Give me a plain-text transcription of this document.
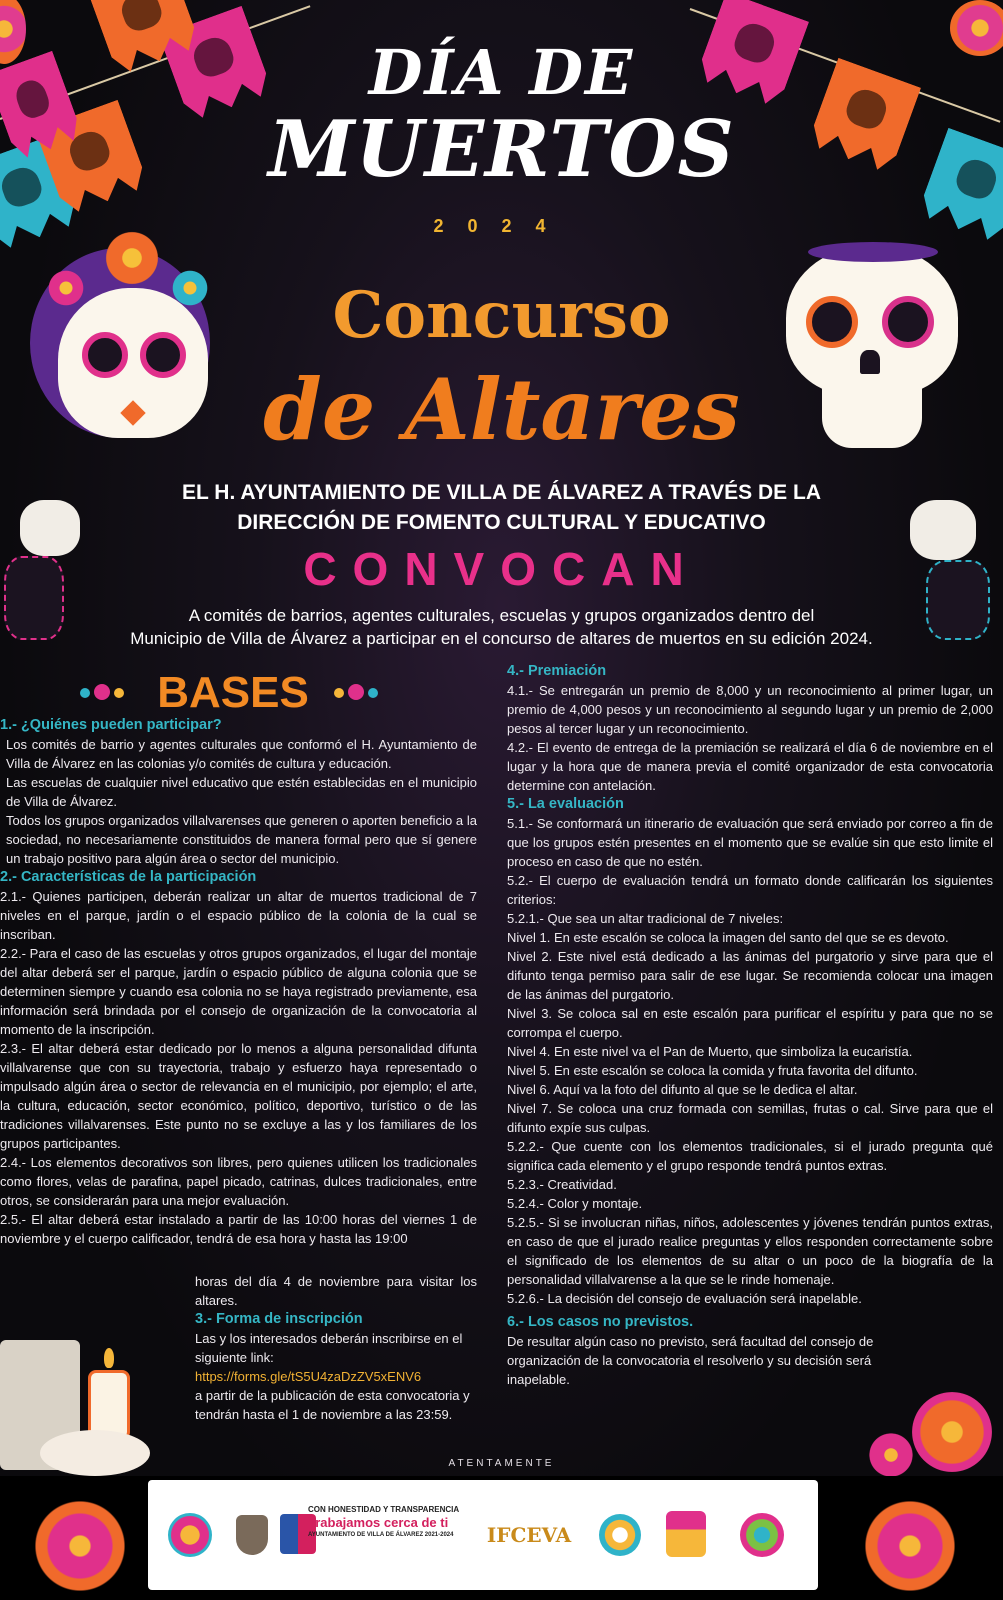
DÍA DE
MUERTOS
2024
Concurso
de Altares
EL H. AYUNTAMIENTO DE VILLA DE ÁLVAREZ A TRAVÉS DE LA
DIRECCIÓN DE FOMENTO CULTURAL Y EDUCATIVO
CONVOCAN
A comités de barrios, agentes culturales, escuelas y grupos organizados dentro del
Municipio de Villa de Álvarez a participar en el concurso de altares de muertos en su edición 2024.
BASES
1.- ¿Quiénes pueden participar?

Los comités de barrio y agentes culturales que conformó el H. Ayuntamiento de Villa de Álvarez en las colonias y/o comités de cultura y educación.

Las escuelas de cualquier nivel educativo que estén establecidas en el municipio de Villa de Álvarez.

Todos los grupos organizados villalvarenses que generen o aporten beneficio a la sociedad, no necesariamente constituidos de manera formal pero que sí genere un trabajo positivo para algún área o sector del municipio.

2.- Características de la participación

2.1.- Quienes participen, deberán realizar un altar de muertos tradicional de 7 niveles en el parque, jardín o el espacio público de la colonia de la cual se inscriban.

2.2.- Para el caso de las escuelas y otros grupos organizados, el lugar del montaje del altar deberá ser el parque, jardín o espacio público de alguna colonia que se determinen siempre y cuando esa colonia no se haya registrado previamente, esa información será brindada por el consejo de organización de la convocatoria al momento de la inscripción.

2.3.- El altar deberá estar dedicado por lo menos a alguna personalidad difunta villalvarense que con su trayectoria, trabajo y esfuerzo haya representado o impulsado algún área o sector de relevancia en el municipio, por ejemplo; el arte, la cultura, educación, sector económico, político, deportivo, turístico o de las tradiciones villalvarenses. Este punto no se excluye a las y los familiares de los grupos participantes.

2.4.- Los elementos decorativos son libres, pero quienes utilicen los tradicionales como flores, velas de parafina, papel picado, catrinas, dulces tradicionales, entre otros, se considerarán para una mejor evaluación.

2.5.- El altar deberá estar instalado a partir de las 10:00 horas del viernes 1 de noviembre y el cuerpo calificador, tendrá de esa hora y hasta las 19:00

horas del día 4 de noviembre para visitar los altares.

3.- Forma de inscripción

Las y los interesados deberán inscribirse en el siguiente link:

https://forms.gle/tS5U4zaDzZV5xENV6

a partir de la publicación de esta convocatoria y tendrán hasta el 1 de noviembre a las 23:59.

4.- Premiación

4.1.- Se entregarán un premio de 8,000 y un reconocimiento al primer lugar, un premio de 4,000 pesos y un reconocimiento al segundo lugar y un premio de 2,000 pesos al tercer lugar y un reconocimiento.

4.2.- El evento de entrega de la premiación se realizará el día 6 de noviembre en el lugar y la hora que de manera previa el comité organizador de esta convocatoria determine con antelación.

5.- La evaluación

5.1.- Se conformará un itinerario de evaluación que será enviado por correo a fin de que los grupos estén presentes en el momento que se evalúe sin que esto limite el proceso en caso de que no estén.

5.2.- El cuerpo de evaluación tendrá un formato donde calificarán los siguientes criterios:

5.2.1.- Que sea un altar tradicional de 7 niveles:

Nivel 1. En este escalón se coloca la imagen del santo del que se es devoto.

Nivel 2. Este nivel está dedicado a las ánimas del purgatorio y sirve para que el difunto tenga permiso para salir de ese lugar. Se recomienda colocar una imagen de las ánimas del purgatorio.

Nivel 3. Se coloca sal en este escalón para purificar el espíritu y para que no se corrompa el cuerpo.

Nivel 4. En este nivel va el Pan de Muerto, que simboliza la eucaristía.

Nivel 5. En este escalón se coloca la comida y fruta favorita del difunto.

Nivel 6. Aquí va la foto del difunto al que se le dedica el altar.

Nivel 7. Se coloca una cruz formada con semillas, frutas o cal. Sirve para que el difunto expíe sus culpas.

5.2.2.- Que cuente con los elementos tradicionales, si el jurado pregunta qué significa cada elemento y el grupo responde tendrá puntos extras.

5.2.3.- Creatividad.

5.2.4.- Color y montaje.

5.2.5.- Si se involucran niñas, niños, adolescentes y jóvenes tendrán puntos extras, en caso de que el jurado realice preguntas y ellos responden correctamente sobre el significado de los elementos de su altar o un poco de la biografía de la personalidad villalvarense a la que se le rinde homenaje.

5.2.6.- La decisión del consejo de evaluación será inapelable.

6.- Los casos no previstos.

De resultar algún caso no previsto, será facultad del consejo de organización de la convocatoria el resolverlo y su decisión será inapelable.

ATENTAMENTE
CON HONESTIDAD Y TRANSPARENCIA
Trabajamos cerca de ti
AYUNTAMIENTO DE VILLA DE ÁLVAREZ 2021-2024	IFCEVA
